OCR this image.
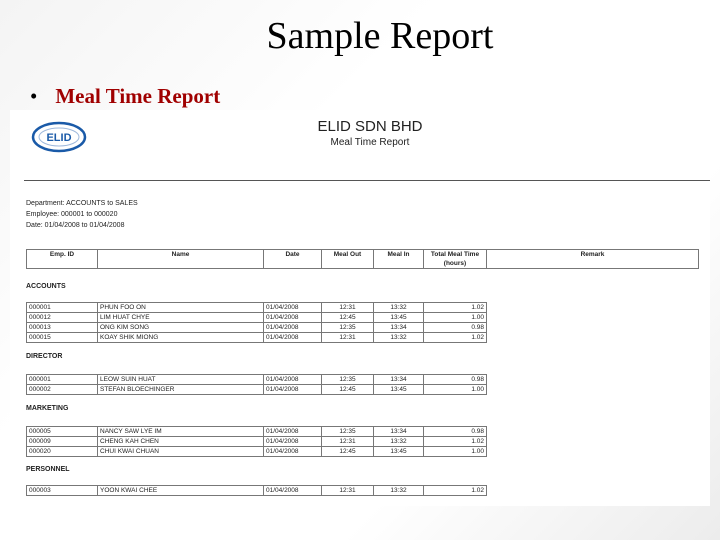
Sample Report
• Meal Time Report
ELID
ELID SDN BHD
Meal Time Report
Department: ACCOUNTS to SALES
Employee: 000001 to 000020
Date: 01/04/2008 to 01/04/2008
Emp. ID	Name	Date	Meal Out	Meal In	Total Meal Time (hours)	Remark
ACCOUNTS
000001	PHUN FOO ON	01/04/2008	12:31	13:32	1.02
000012	LIM HUAT CHYE	01/04/2008	12:45	13:45	1.00
000013	ONG KIM SONG	01/04/2008	12:35	13:34	0.98
000015	KOAY SHIK MIONG	01/04/2008	12:31	13:32	1.02
DIRECTOR
000001	LEOW SUIN HUAT	01/04/2008	12:35	13:34	0.98
000002	STEFAN BLOECHINGER	01/04/2008	12:45	13:45	1.00
MARKETING
000005	NANCY SAW LYE IM	01/04/2008	12:35	13:34	0.98
000009	CHENG KAH CHEN	01/04/2008	12:31	13:32	1.02
000020	CHUI KWAI CHUAN	01/04/2008	12:45	13:45	1.00
PERSONNEL
000003	YOON KWAI CHEE	01/04/2008	12:31	13:32	1.02
